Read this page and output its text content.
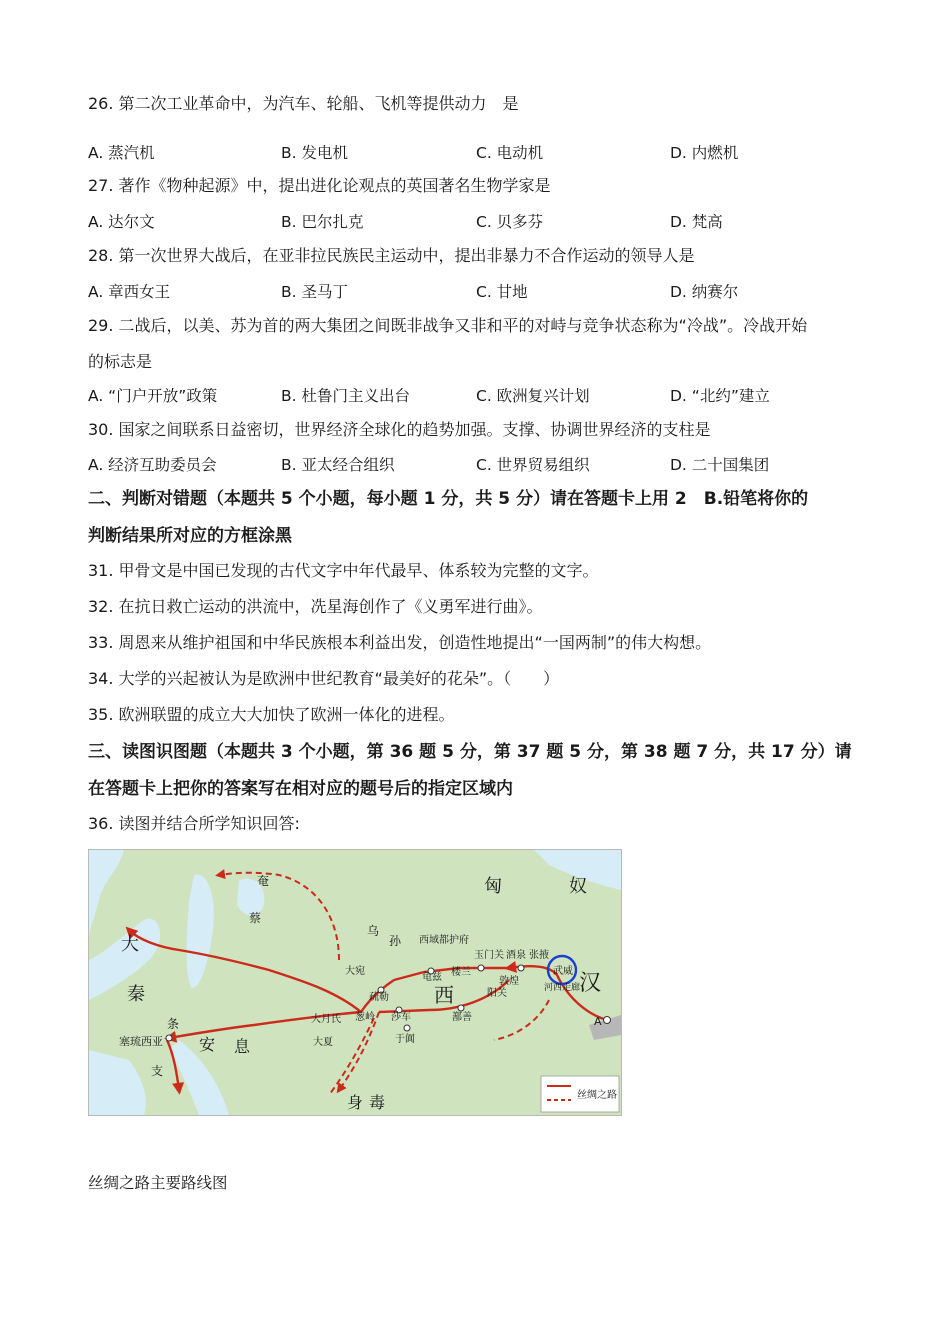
26. 第二次工业革命中，为汽车、轮船、飞机等提供动力　是
A. 蒸汽机	B. 发电机	C. 电动机	D. 内燃机
27. 著作《物种起源》中，提出进化论观点的英国著名生物学家是
A. 达尔文	B. 巴尔扎克	C. 贝多芬	D. 梵高
28. 第一次世界大战后，在亚非拉民族民主运动中，提出非暴力不合作运动的领导人是
A. 章西女王	B. 圣马丁	C. 甘地	D. 纳赛尔
29. 二战后，以美、苏为首的两大集团之间既非战争又非和平的对峙与竞争状态称为“冷战”。冷战开始
的标志是
A. “门户开放”政策	B. 杜鲁门主义出台	C. 欧洲复兴计划	D. “北约”建立
30. 国家之间联系日益密切，世界经济全球化的趋势加强。支撑、协调世界经济的支柱是
A. 经济互助委员会	B. 亚太经合组织	C. 世界贸易组织	D. 二十国集团
二、判断对错题（本题共 5 个小题，每小题 1 分，共 5 分）请在答题卡上用 2　B.铅笔将你的
判断结果所对应的方框涂黑
31. 甲骨文是中国已发现的古代文字中年代最早、体系较为完整的文字。
32. 在抗日救亡运动的洪流中，冼星海创作了《义勇军进行曲》。
33. 周恩来从维护祖国和中华民族根本利益出发，创造性地提出“一国两制”的伟大构想。
34. 大学的兴起被认为是欧洲中世纪教育“最美好的花朵”。（　　）
35. 欧洲联盟的成立大大加快了欧洲一体化的进程。
三、读图识图题（本题共 3 个小题，第 36 题 5 分，第 37 题 5 分，第 38 题 7 分，共 17 分）请
在答题卡上把你的答案写在相对应的题号后的指定区域内
36. 读图并结合所学知识回答:
匈	奴
汉
西
大
秦
安 息
身 毒
奄
蔡
条
支
乌
孙
塞琉西亚
A
西域都护府
玉门关 酒泉 张掖
武威
楼兰
敦煌
阳关	河西走廊
龟兹
大宛
疏勒
葱岭 莎车
于阗
大月氏
大夏
鄯善
丝绸之路
丝绸之路主要路线图
